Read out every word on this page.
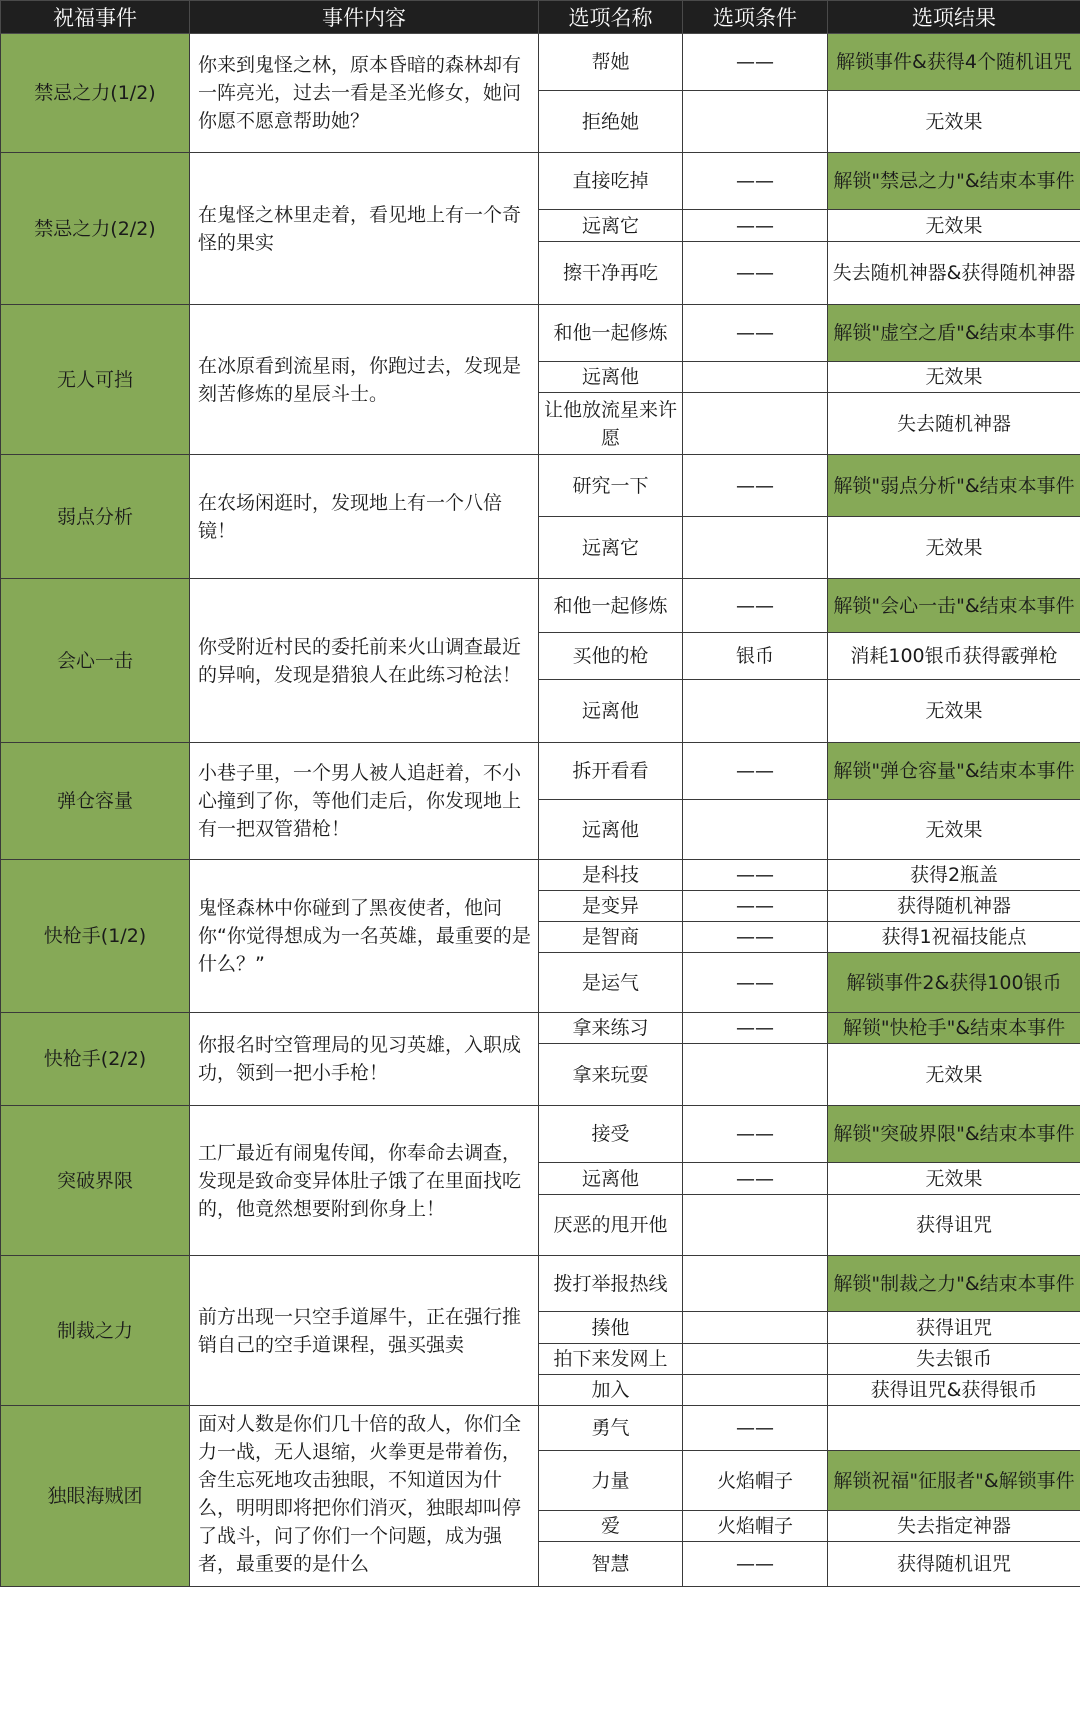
祝福事件	事件内容	选项名称	选项条件	选项结果
禁忌之力(1/2)	你来到鬼怪之林，原本昏暗的森林却有一阵亮光，过去一看是圣光修女，她问你愿不愿意帮助她？	帮她	——	解锁事件&获得4个随机诅咒
		拒绝她		无效果
禁忌之力(2/2)	在鬼怪之林里走着，看见地上有一个奇怪的果实	直接吃掉	——	解锁"禁忌之力"&结束本事件
		远离它	——	无效果
		擦干净再吃	——	失去随机神器&获得随机神器
无人可挡	在冰原看到流星雨，你跑过去，发现是刻苦修炼的星辰斗士。	和他一起修炼	——	解锁"虚空之盾"&结束本事件
		远离他		无效果
		让他放流星来许愿		失去随机神器
弱点分析	在农场闲逛时，发现地上有一个八倍镜！	研究一下	——	解锁"弱点分析"&结束本事件
		远离它		无效果
会心一击	你受附近村民的委托前来火山调查最近的异响，发现是猎狼人在此练习枪法！	和他一起修炼	——	解锁"会心一击"&结束本事件
		买他的枪	银币	消耗100银币获得霰弹枪
		远离他		无效果
弹仓容量	小巷子里，一个男人被人追赶着，不小心撞到了你，等他们走后，你发现地上有一把双管猎枪！	拆开看看	——	解锁"弹仓容量"&结束本事件
		远离他		无效果
快枪手(1/2)	鬼怪森林中你碰到了黑夜使者，他问你“你觉得想成为一名英雄，最重要的是什么？”	是科技	——	获得2瓶盖
		是变异	——	获得随机神器
		是智商	——	获得1祝福技能点
		是运气	——	解锁事件2&获得100银币
快枪手(2/2)	你报名时空管理局的见习英雄，入职成功，领到一把小手枪！	拿来练习	——	解锁"快枪手"&结束本事件
		拿来玩耍		无效果
突破界限	工厂最近有闹鬼传闻，你奉命去调查，发现是致命变异体肚子饿了在里面找吃的，他竟然想要附到你身上！	接受	——	解锁"突破界限"&结束本事件
		远离他	——	无效果
		厌恶的甩开他		获得诅咒
制裁之力	前方出现一只空手道犀牛，正在强行推销自己的空手道课程，强买强卖	拨打举报热线		解锁"制裁之力"&结束本事件
		揍他		获得诅咒
		拍下来发网上		失去银币
		加入		获得诅咒&获得银币
独眼海贼团	面对人数是你们几十倍的敌人，你们全力一战，无人退缩，火拳更是带着伤，舍生忘死地攻击独眼，不知道因为什么，明明即将把你们消灭，独眼却叫停了战斗，问了你们一个问题，成为强者，最重要的是什么	勇气	——	
		力量	火焰帽子	解锁祝福"征服者"&解锁事件
		爱	火焰帽子	失去指定神器
		智慧	——	获得随机诅咒
